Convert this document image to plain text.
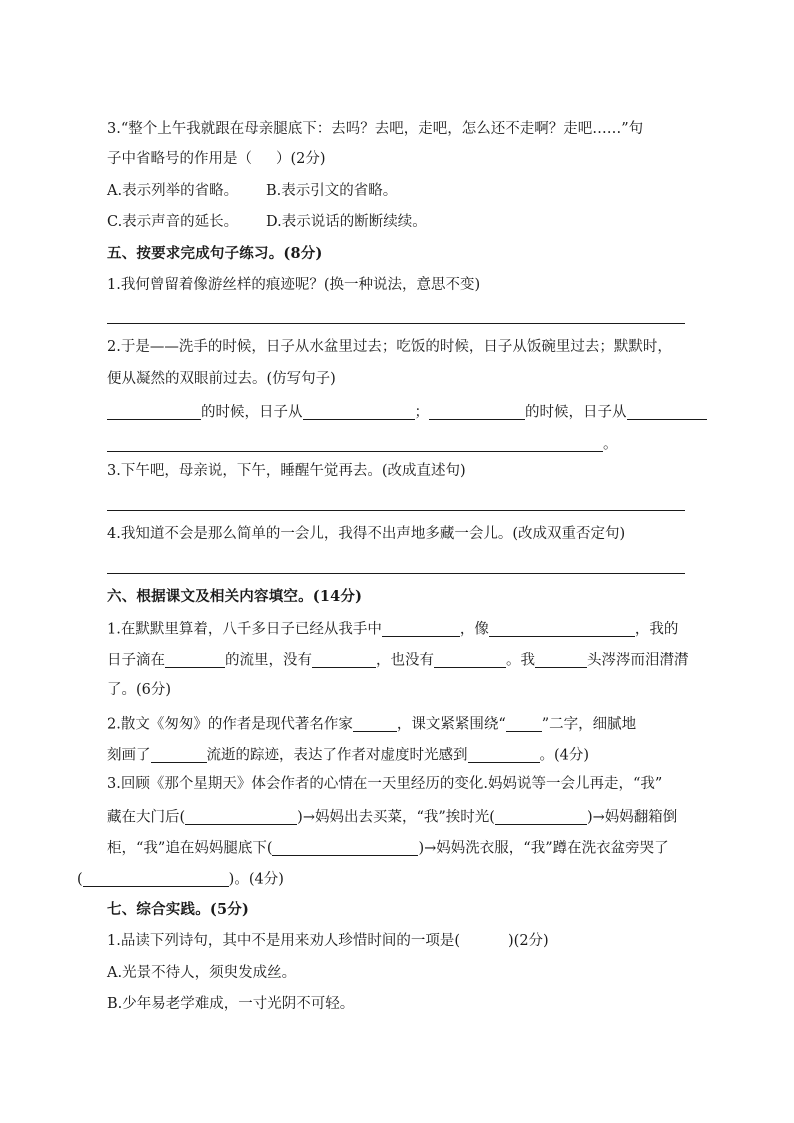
3.“整个上午我就跟在母亲腿底下：去吗？去吧，走吧，怎么还不走啊？走吧……”句
子中省略号的作用是（ ）(2分)
A.表示列举的省略。 B.表示引文的省略。
C.表示声音的延长。 D.表示说话的断断续续。
五、按要求完成句子练习。(8分)
1.我何曾留着像游丝样的痕迹呢？(换一种说法，意思不变)
2.于是——洗手的时候，日子从水盆里过去；吃饭的时候，日子从饭碗里过去；默默时，
便从凝然的双眼前过去。(仿写句子)
的时候，日子从	；	的时候，日子从
。
3.下午吧，母亲说，下午，睡醒午觉再去。(改成直述句)
4.我知道不会是那么简单的一会儿，我得不出声地多藏一会儿。(改成双重否定句)
六、根据课文及相关内容填空。(14分)
1.在默默里算着，八千多日子已经从我手中	，像	，我的
日子滴在	的流里，没有	，也没有	。我	头涔涔而泪潸潸
了。(6分)
2.散文《匆匆》的作者是现代著名作家	，课文紧紧围绕“ ”二字，细腻地
刻画了	流逝的踪迹，表达了作者对虚度时光感到	。(4分)
3.回顾《那个星期天》体会作者的心情在一天里经历的变化.妈妈说等一会儿再走，“我”
藏在大门后(	)→妈妈出去买菜，“我”挨时光(	)→妈妈翻箱倒
柜，“我”追在妈妈腿底下(	)→妈妈洗衣服，“我”蹲在洗衣盆旁哭了
(	)。(4分)
七、综合实践。(5分)
1.品读下列诗句，其中不是用来劝人珍惜时间的一项是(	)(2分)
A.光景不待人，须臾发成丝。
B.少年易老学难成，一寸光阴不可轻。
